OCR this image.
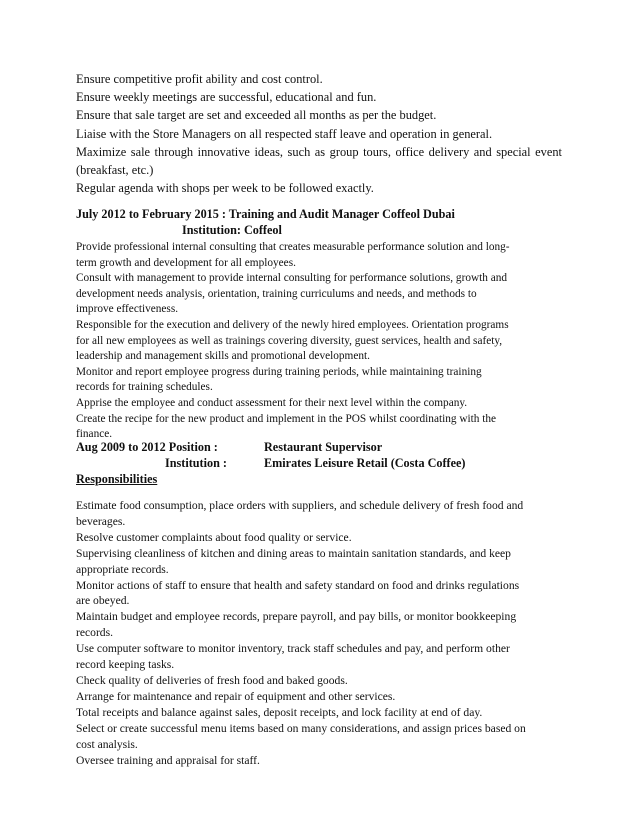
Ensure competitive profit ability and cost control.
Ensure weekly meetings are successful, educational and fun.
Ensure that sale target are set and exceeded all months as per the budget.
Liaise with the Store Managers on all respected staff leave and operation in general.
Maximize sale through innovative ideas, such as group tours, office delivery and special event
(breakfast, etc.)
Regular agenda with shops per week to be followed exactly.
July 2012 to February 2015 : Training and Audit Manager Coffeol Dubai
Institution: Coffeol
Provide professional internal consulting that creates measurable performance solution and long-
term growth and development for all employees.
Consult with management to provide internal consulting for performance solutions, growth and
development needs analysis, orientation, training curriculums and needs, and methods to
improve effectiveness.
Responsible for the execution and delivery of the newly hired employees. Orientation programs
for all new employees as well as trainings covering diversity, guest services, health and safety,
leadership and management skills and promotional development.
Monitor and report employee progress during training periods, while maintaining training
records for training schedules.
Apprise the employee and conduct assessment for their next level within the company.
Create the recipe for the new product and implement in the POS whilst coordinating with the
finance.
Aug 2009 to 2012 Position :	Restaurant Supervisor
Institution :	Emirates Leisure Retail (Costa Coffee)
Responsibilities
Estimate food consumption, place orders with suppliers, and schedule delivery of fresh food and
beverages.
Resolve customer complaints about food quality or service.
Supervising cleanliness of kitchen and dining areas to maintain sanitation standards, and keep
appropriate records.
Monitor actions of staff to ensure that health and safety standard on food and drinks regulations
are obeyed.
Maintain budget and employee records, prepare payroll, and pay bills, or monitor bookkeeping
records.
Use computer software to monitor inventory, track staff schedules and pay, and perform other
record keeping tasks.
Check quality of deliveries of fresh food and baked goods.
Arrange for maintenance and repair of equipment and other services.
Total receipts and balance against sales, deposit receipts, and lock facility at end of day.
Select or create successful menu items based on many considerations, and assign prices based on
cost analysis.
Oversee training and appraisal for staff.
